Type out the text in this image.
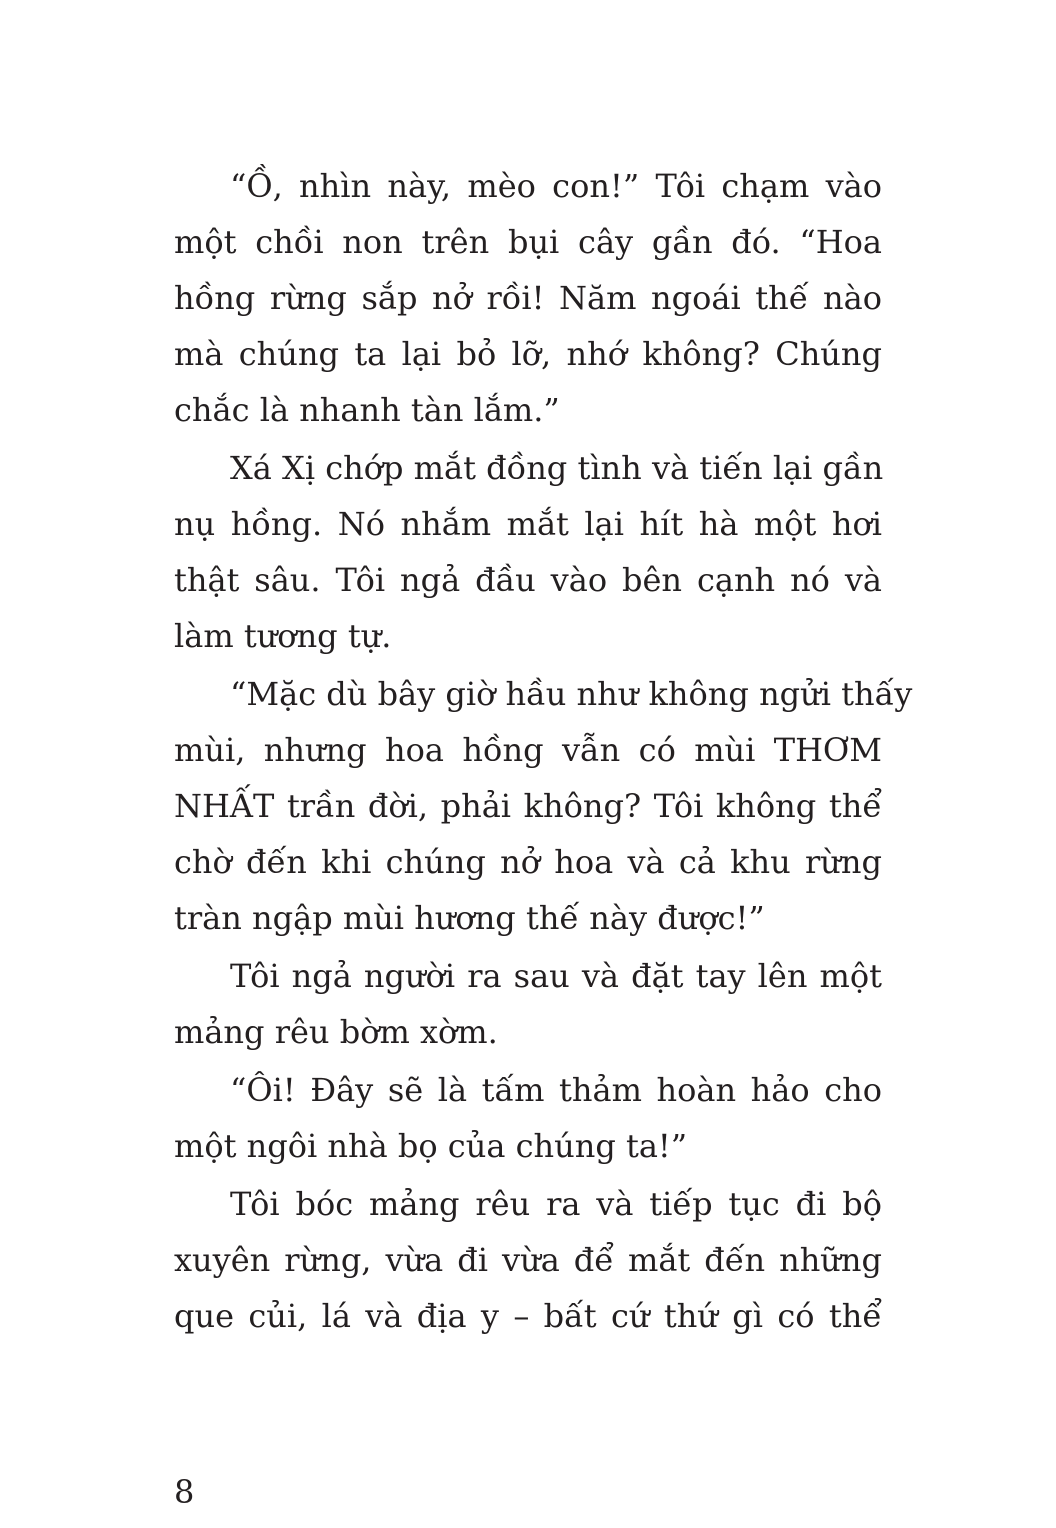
“Ồ, nhìn này, mèo con!” Tôi chạm vào
một chồi non trên bụi cây gần đó. “Hoa
hồng rừng sắp nở rồi! Năm ngoái thế nào
mà chúng ta lại bỏ lỡ, nhớ không? Chúng
chắc là nhanh tàn lắm.”

Xá Xị chớp mắt đồng tình và tiến lại gần
nụ hồng. Nó nhắm mắt lại hít hà một hơi
thật sâu. Tôi ngả đầu vào bên cạnh nó và
làm tương tự.

“Mặc dù bây giờ hầu như không ngửi thấy
mùi, nhưng hoa hồng vẫn có mùi THƠM
NHẤT trần đời, phải không? Tôi không thể
chờ đến khi chúng nở hoa và cả khu rừng
tràn ngập mùi hương thế này được!”

Tôi ngả người ra sau và đặt tay lên một
mảng rêu bờm xờm.

“Ôi! Đây sẽ là tấm thảm hoàn hảo cho
một ngôi nhà bọ của chúng ta!”

Tôi bóc mảng rêu ra và tiếp tục đi bộ
xuyên rừng, vừa đi vừa để mắt đến những
que củi, lá và địa y – bất cứ thứ gì có thể

8
